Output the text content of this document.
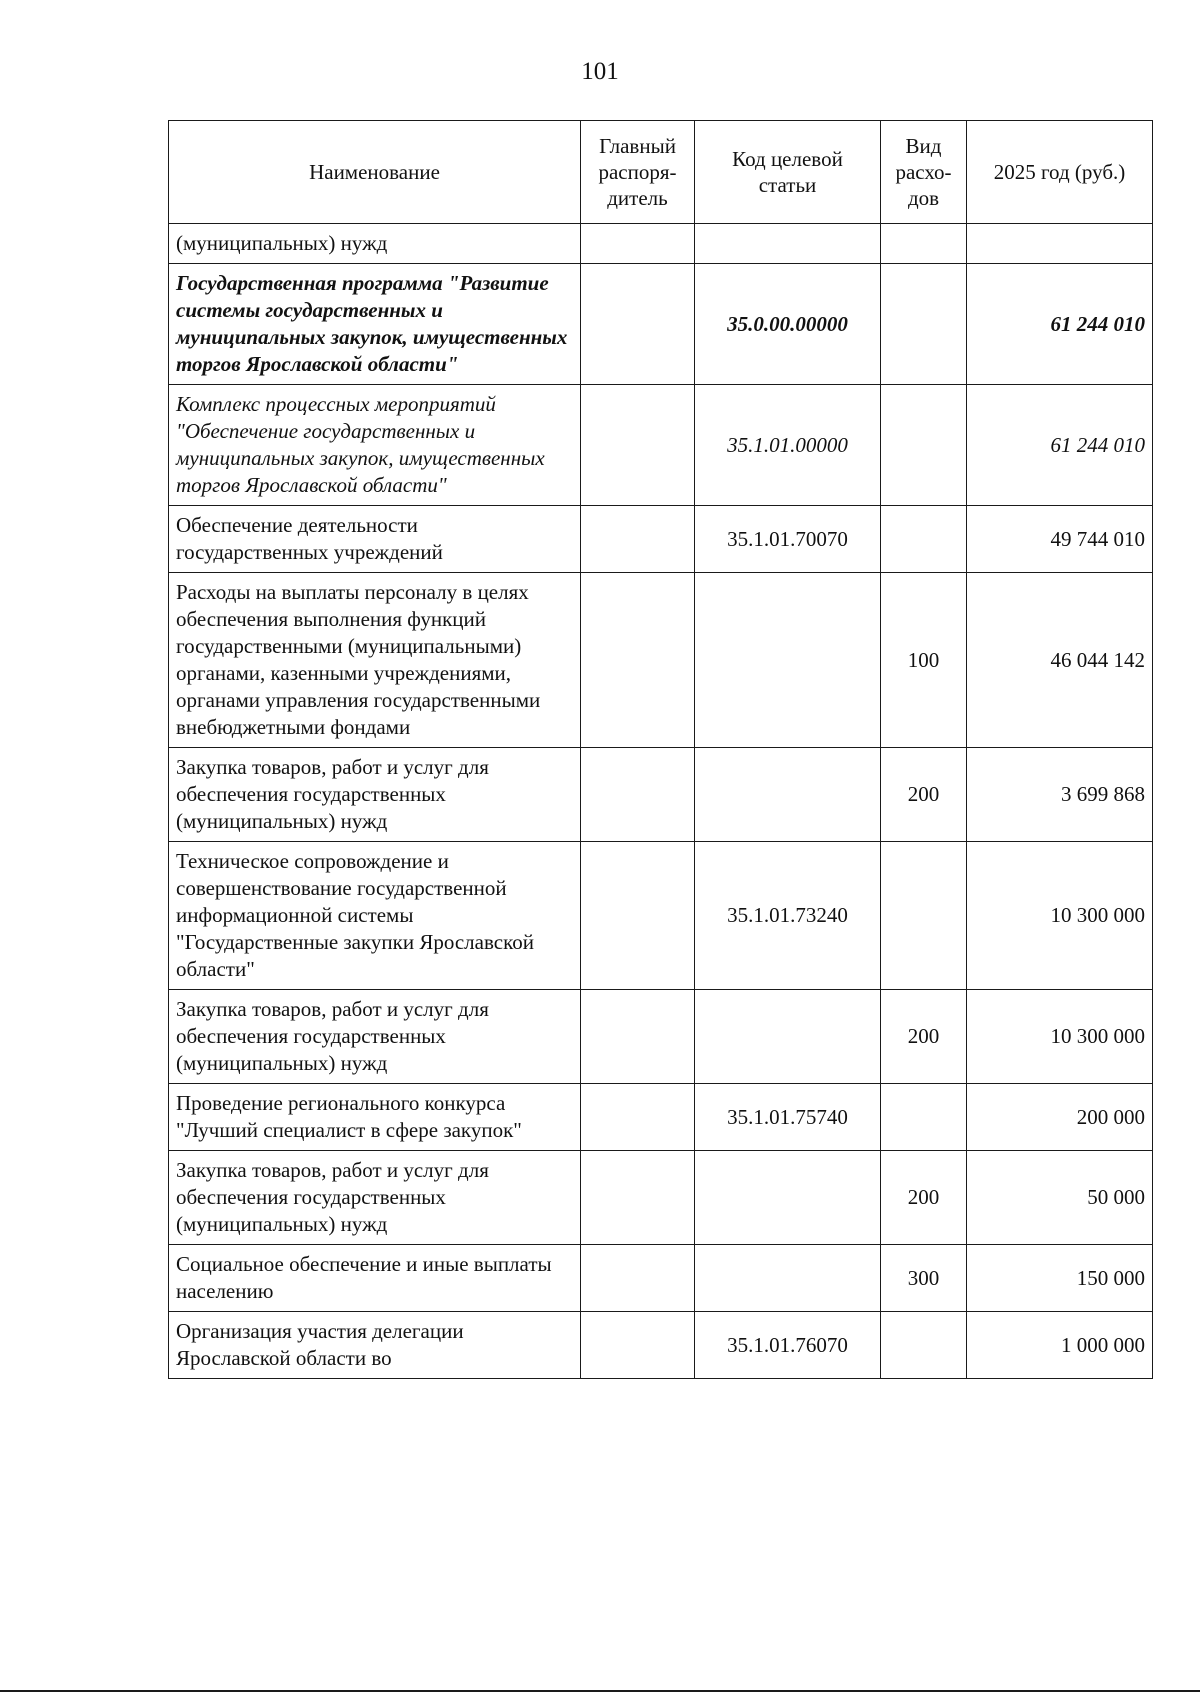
101
Наименование	Главный распоря-дитель	Код целевой статьи	Вид расхо-дов	2025 год (руб.)
(муниципальных) нужд				
Государственная программа "Развитие системы государственных и муниципальных закупок, имущественных торгов Ярославской области"		35.0.00.00000		61 244 010
Комплекс процессных мероприятий "Обеспечение государственных и муниципальных закупок, имущественных торгов Ярославской области"		35.1.01.00000		61 244 010
Обеспечение деятельности государственных учреждений		35.1.01.70070		49 744 010
Расходы на выплаты персоналу в целях обеспечения выполнения функций государственными (муниципальными) органами, казенными учреждениями, органами управления государственными внебюджетными фондами			100	46 044 142
Закупка товаров, работ и услуг для обеспечения государственных (муниципальных) нужд			200	3 699 868
Техническое сопровождение и совершенствование государственной информационной системы "Государственные закупки Ярославской области"		35.1.01.73240		10 300 000
Закупка товаров, работ и услуг для обеспечения государственных (муниципальных) нужд			200	10 300 000
Проведение регионального конкурса "Лучший специалист в сфере закупок"		35.1.01.75740		200 000
Закупка товаров, работ и услуг для обеспечения государственных (муниципальных) нужд			200	50 000
Социальное обеспечение и иные выплаты населению			300	150 000
Организация участия делегации Ярославской области во		35.1.01.76070		1 000 000
